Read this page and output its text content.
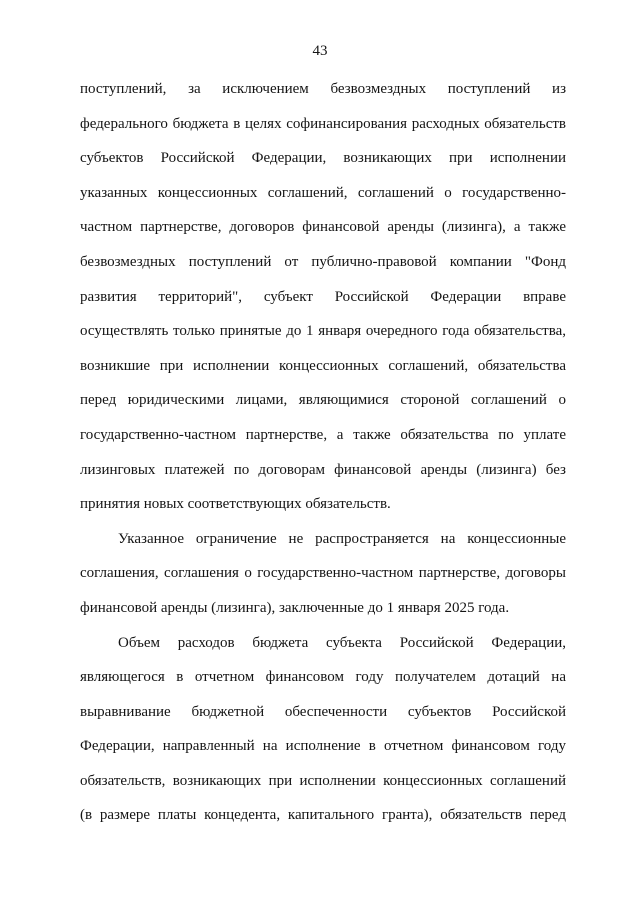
43
поступлений, за исключением безвозмездных поступлений из
федерального бюджета в целях софинансирования расходных обязательств
субъектов Российской Федерации, возникающих при исполнении
указанных концессионных соглашений, соглашений о государственно-
частном партнерстве, договоров финансовой аренды (лизинга), а также
безвозмездных поступлений от публично-правовой компании "Фонд
развития территорий", субъект Российской Федерации вправе
осуществлять только принятые до 1 января очередного года обязательства,
возникшие при исполнении концессионных соглашений, обязательства
перед юридическими лицами, являющимися стороной соглашений о
государственно-частном партнерстве, а также обязательства по уплате
лизинговых платежей по договорам финансовой аренды (лизинга) без
принятия новых соответствующих обязательств.
Указанное ограничение не распространяется на концессионные
соглашения, соглашения о государственно-частном партнерстве, договоры
финансовой аренды (лизинга), заключенные до 1 января 2025 года.
Объем расходов бюджета субъекта Российской Федерации,
являющегося в отчетном финансовом году получателем дотаций на
выравнивание бюджетной обеспеченности субъектов Российской
Федерации, направленный на исполнение в отчетном финансовом году
обязательств, возникающих при исполнении концессионных соглашений
(в размере платы концедента, капитального гранта), обязательств перед
